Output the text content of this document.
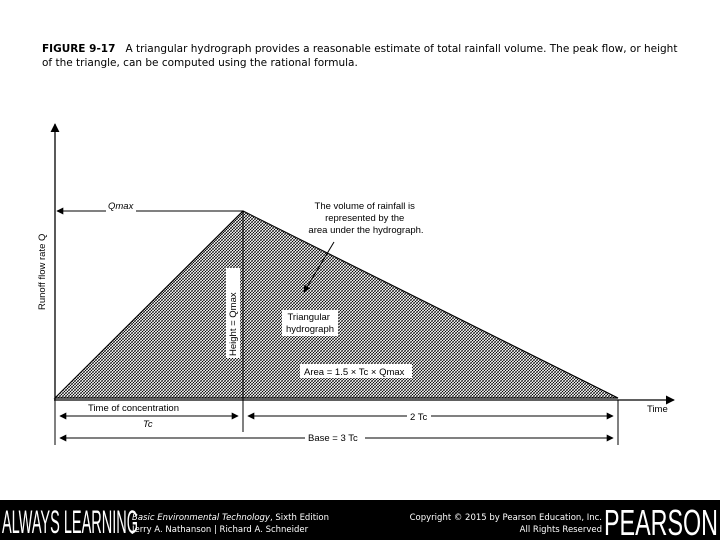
FIGURE 9-17 A triangular hydrograph provides a reasonable estimate of total rainfall volume. The peak flow, or height of the triangle, can be computed using the rational formula.
Runoff flow rate Q
Time
Qmax	The volume of rainfall is represented by the area under the hydrograph.
Height = Qmax	Triangular hydrograph
Area = 1.5 × Tc × Qmax
Time of concentration
Tc
2 Tc
Base = 3 Tc
ALWAYS LEARNING
Basic Environmental Technology, Sixth Edition
Jerry A. Nathanson | Richard A. Schneider
Copyright © 2015 by Pearson Education, Inc.
All Rights Reserved PEARSON
